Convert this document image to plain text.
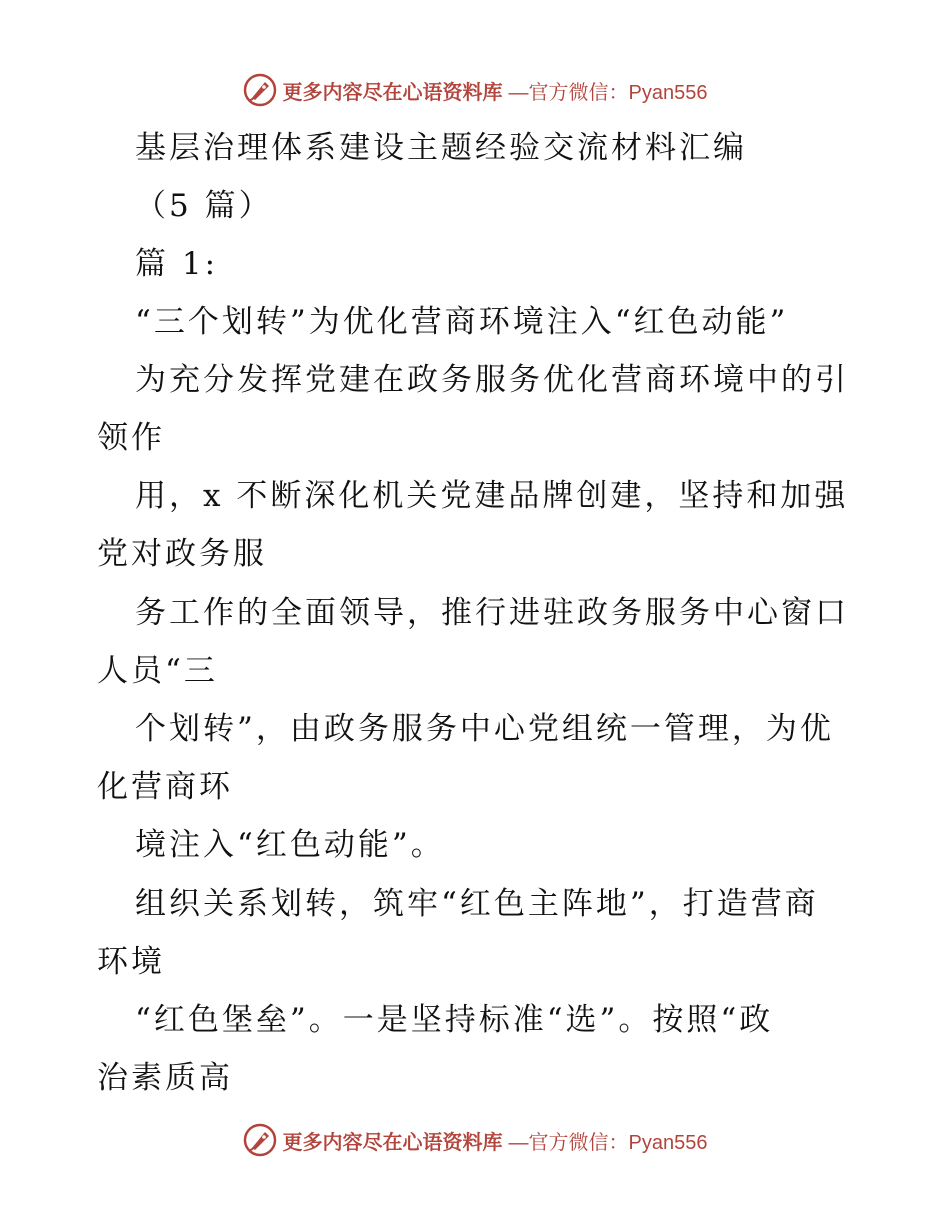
更多内容尽在心语资料库 —官方微信：Pyan556
基层治理体系建设主题经验交流材料汇编
（5 篇）
篇 1:
“三个划转”为优化营商环境注入“红色动能”
为充分发挥党建在政务服务优化营商环境中的引
领作
用，x 不断深化机关党建品牌创建，坚持和加强
党对政务服
务工作的全面领导，推行进驻政务服务中心窗口
人员“三
个划转”，由政务服务中心党组统一管理，为优
化营商环
境注入“红色动能”。
组织关系划转，筑牢“红色主阵地”，打造营商
环境
“红色堡垒”。一是坚持标准“选”。按照“政
治素质高
更多内容尽在心语资料库 —官方微信：Pyan556
